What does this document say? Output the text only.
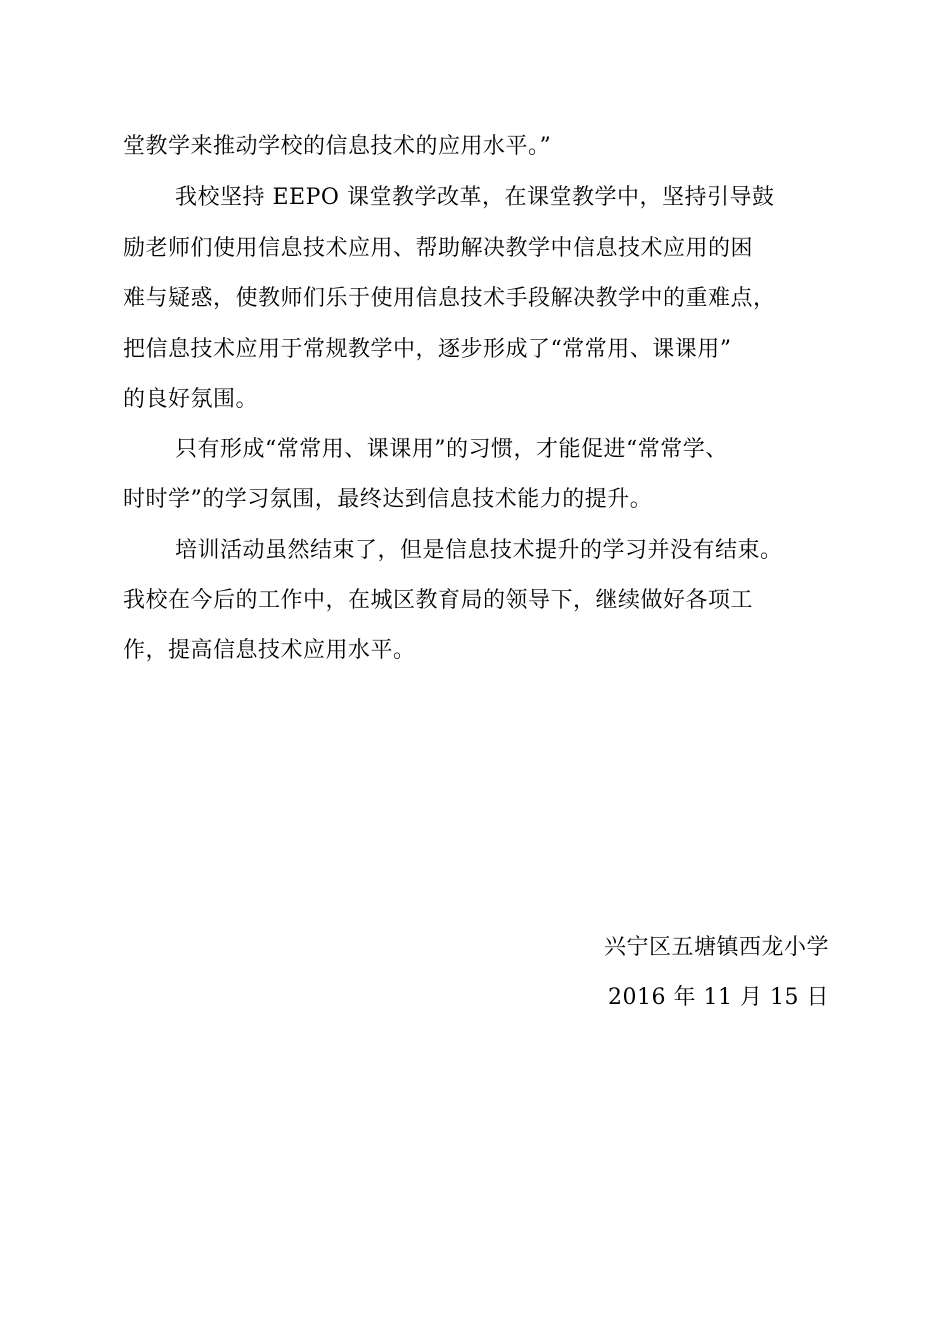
堂教学来推动学校的信息技术的应用水平。”
我校坚持 EEPO 课堂教学改革，在课堂教学中，坚持引导鼓
励老师们使用信息技术应用、帮助解决教学中信息技术应用的困
难与疑惑，使教师们乐于使用信息技术手段解决教学中的重难点，
把信息技术应用于常规教学中，逐步形成了“常常用、课课用”
的良好氛围。
只有形成“常常用、课课用”的习惯，才能促进“常常学、
时时学”的学习氛围，最终达到信息技术能力的提升。
培训活动虽然结束了，但是信息技术提升的学习并没有结束。
我校在今后的工作中，在城区教育局的领导下，继续做好各项工
作，提高信息技术应用水平。
兴宁区五塘镇西龙小学
2016 年 11 月 15 日
